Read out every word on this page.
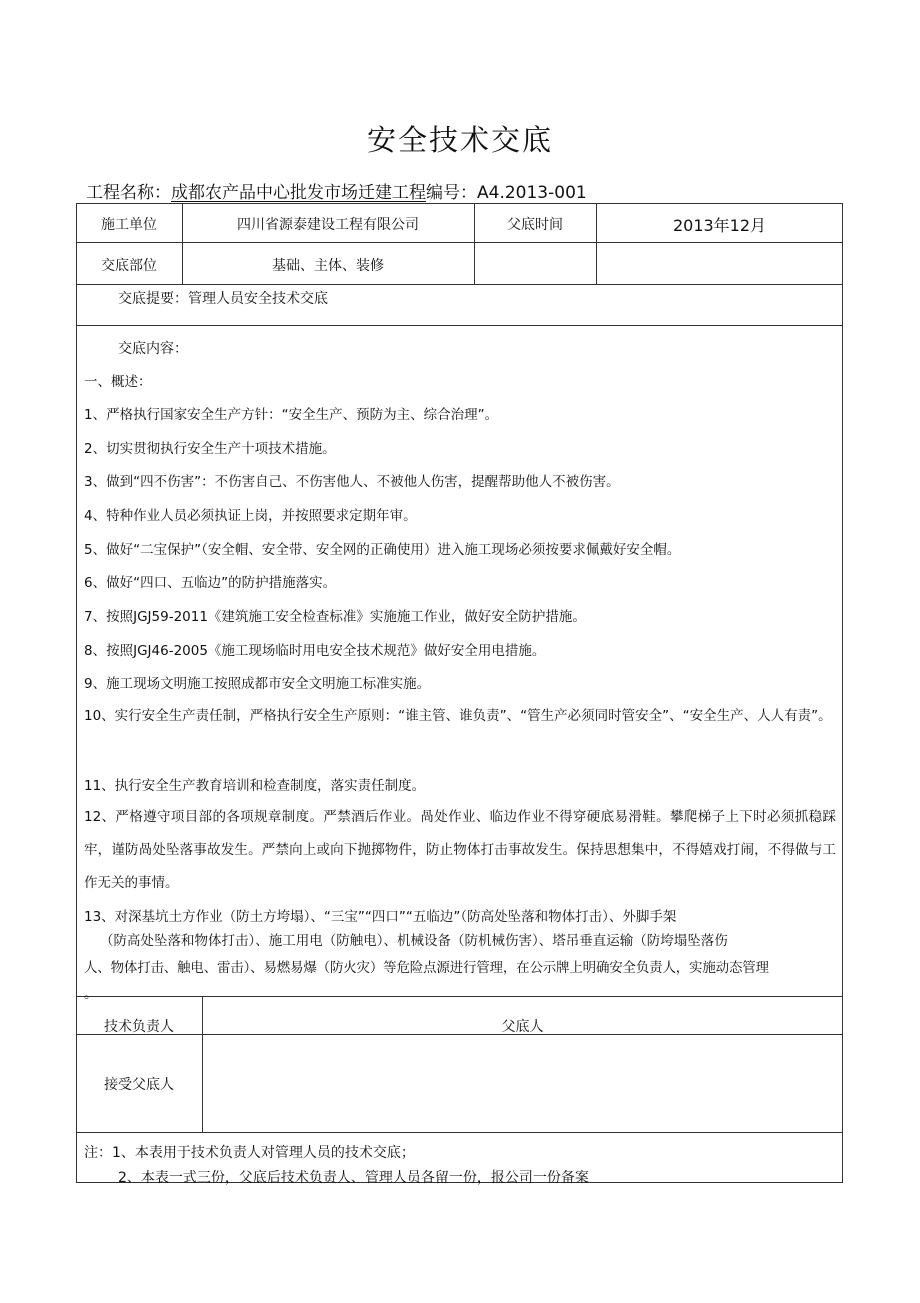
安全技术交底
工程名称：成都农产品中心批发市场迁建工程编号：A4.2013-001
施工单位	四川省源泰建设工程有限公司	父底时间	2013年12月
交底部位	基础、主体、装修
交底提要：管理人员安全技术交底
交底内容：
一、概述：
1、严格执行国家安全生产方针：“安全生产、预防为主、综合治理”。
2、切实贯彻执行安全生产十项技术措施。
3、做到“四不伤害”：不伤害自己、不伤害他人、不被他人伤害，提醒帮助他人不被伤害。
4、特种作业人员必须执证上岗，并按照要求定期年审。
5、做好“二宝保护”（安全帽、安全带、安全网的正确使用）进入施工现场必须按要求佩戴好安全帽。
6、做好“四口、五临边”的防护措施落实。
7、按照JGJ59-2011《建筑施工安全检查标准》实施施工作业，做好安全防护措施。
8、按照JGJ46-2005《施工现场临时用电安全技术规范》做好安全用电措施。
9、施工现场文明施工按照成都市安全文明施工标准实施。
10、实行安全生产责任制，严格执行安全生产原则：“谁主管、谁负责”、“管生产必须同时管安全”、“安全生产、人人有责”。
11、执行安全生产教育培训和检查制度，落实责任制度。
12、严格遵守项目部的各项规章制度。严禁酒后作业。咼处作业、临边作业不得穿硬底易滑鞋。攀爬梯子上下时必须抓稳踩牢，谨防咼处坠落事故发生。严禁向上或向下抛掷物件，防止物体打击事故发生。保持思想集中，不得嬉戏打闹，不得做与工作无关的事情。
13、对深基坑土方作业（防土方垮塌）、“三宝”“四口”“五临边”（防高处坠落和物体打击）、外脚手架
（防高处坠落和物体打击）、施工用电（防触电）、机械设备（防机械伤害）、塔吊垂直运输（防垮塌坠落伤
人、物体打击、触电、雷击）、易燃易爆（防火灾）等危险点源进行管理，在公示牌上明确安全负责人，实施动态管理
。
技术负责人	父底人
接受父底人
注：1、本表用于技术负责人对管理人员的技术交底；
2、本表一式三份，父底后技术负责人、管理人员各留一份，报公司一份备案
